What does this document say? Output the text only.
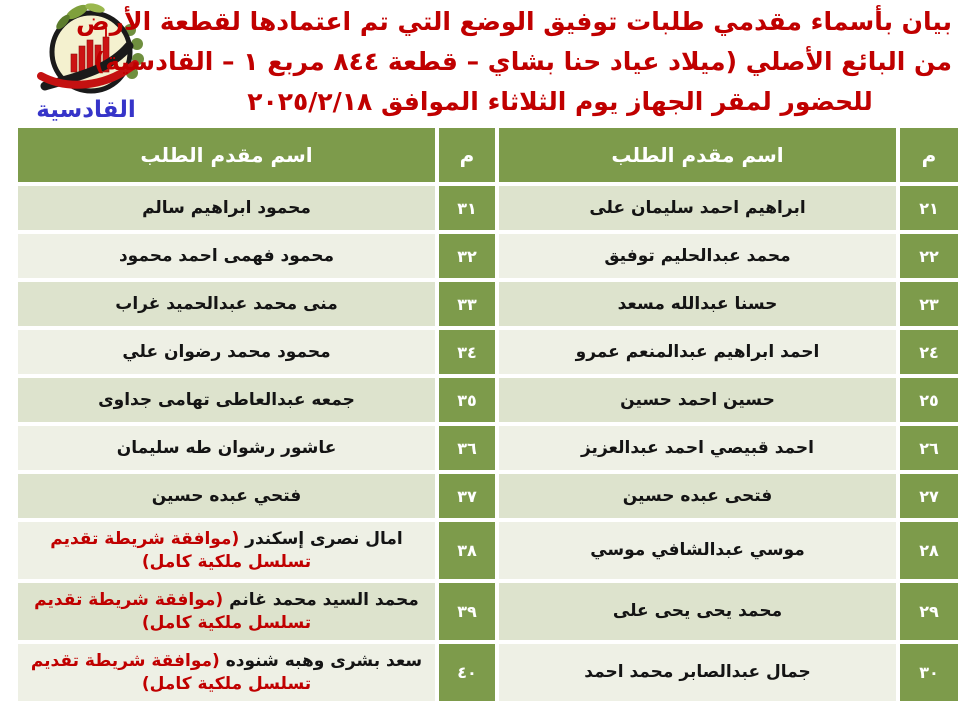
القادسية
بيان بأسماء مقدمي طلبات توفيق الوضع التي تم اعتمادها لقطعة الأرض
من البائع الأصلي (ميلاد عياد حنا بشاي – قطعة ٨٤٤ مربع ١ – القادسية)
للحضور لمقر الجهاز يوم الثلاثاء الموافق ٢٠٢٥/٢/١٨
م
اسم مقدم الطلب
م
اسم مقدم الطلب
٢١
ابراهيم احمد سليمان على
٣١
محمود ابراهيم سالم
٢٢
محمد عبدالحليم توفيق
٣٢
محمود فهمى احمد محمود
٢٣
حسنا عبدالله مسعد
٣٣
منى محمد عبدالحميد غراب
٢٤
احمد ابراهيم عبدالمنعم عمرو
٣٤
محمود محمد رضوان علي
٢٥
حسين احمد حسين
٣٥
جمعه عبدالعاطى تهامى جداوى
٢٦
احمد قبيصي احمد عبدالعزيز
٣٦
عاشور رشوان طه سليمان
٢٧
فتحى عبده حسين
٣٧
فتحي عبده حسين
٢٨
موسي عبدالشافي موسي
٣٨
امال نصرى إسكندر (موافقة شريطة تقديم تسلسل ملكية كامل)
٢٩
محمد يحى يحى على
٣٩
محمد السيد محمد غانم (موافقة شريطة تقديم تسلسل ملكية كامل)
٣٠
جمال عبدالصابر محمد احمد
٤٠
سعد بشرى وهبه شنوده (موافقة شريطة تقديم تسلسل ملكية كامل)
